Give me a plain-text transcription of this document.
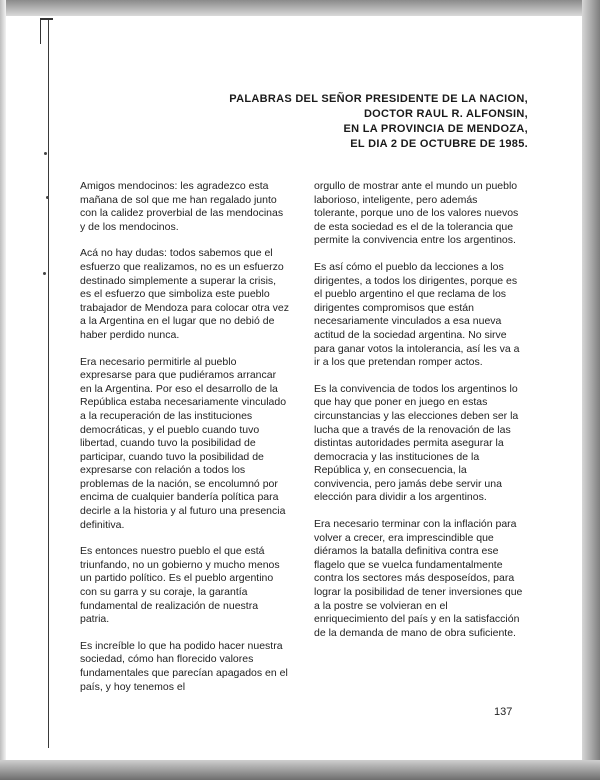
PALABRAS DEL SEÑOR PRESIDENTE DE LA NACION,
DOCTOR RAUL R. ALFONSIN,
EN LA PROVINCIA DE MENDOZA,
EL DIA 2 DE OCTUBRE DE 1985.

Amigos mendocinos: les agradezco esta mañana de sol que me han regalado junto con la calidez proverbial de las mendocinas y de los mendocinos.

Acá no hay dudas: todos sabemos que el esfuerzo que realizamos, no es un esfuerzo destinado simplemente a superar la crisis, es el esfuerzo que simboliza este pueblo trabajador de Mendoza para colocar otra vez a la Argentina en el lugar que no debió de haber perdido nunca.

Era necesario permitirle al pueblo expresarse para que pudiéramos arrancar en la Argentina. Por eso el desarrollo de la República estaba necesariamente vinculado a la recuperación de las instituciones democráticas, y el pueblo cuando tuvo libertad, cuando tuvo la posibilidad de participar, cuando tuvo la posibilidad de expresarse con relación a todos los problemas de la nación, se encolumnó por encima de cualquier bandería política para decirle a la historia y al futuro una presencia definitiva.

Es entonces nuestro pueblo el que está triunfando, no un gobierno y mucho menos un partido político. Es el pueblo argentino con su garra y su coraje, la garantía fundamental de realización de nuestra patria.

Es increíble lo que ha podido hacer nuestra sociedad, cómo han florecido valores fundamentales que parecían apagados en el país, y hoy tenemos el

orgullo de mostrar ante el mundo un pueblo laborioso, inteligente, pero además tolerante, porque uno de los valores nuevos de esta sociedad es el de la tolerancia que permite la convivencia entre los argentinos.

Es así cómo el pueblo da lecciones a los dirigentes, a todos los dirigentes, porque es el pueblo argentino el que reclama de los dirigentes compromisos que están necesariamente vinculados a esa nueva actitud de la sociedad argentina. No sirve para ganar votos la intolerancia, así les va a ir a los que pretendan romper actos.

Es la convivencia de todos los argentinos lo que hay que poner en juego en estas circunstancias y las elecciones deben ser la lucha que a través de la renovación de las distintas autoridades permita asegurar la democracia y las instituciones de la República y, en consecuencia, la convivencia, pero jamás debe servir una elección para dividir a los argentinos.

Era necesario terminar con la inflación para volver a crecer, era imprescindible que diéramos la batalla definitiva contra ese flagelo que se vuelca fundamentalmente contra los sectores más desposeídos, para lograr la posibilidad de tener inversiones que a la postre se volvieran en el enriquecimiento del país y en la satisfacción de la demanda de mano de obra suficiente.

137
